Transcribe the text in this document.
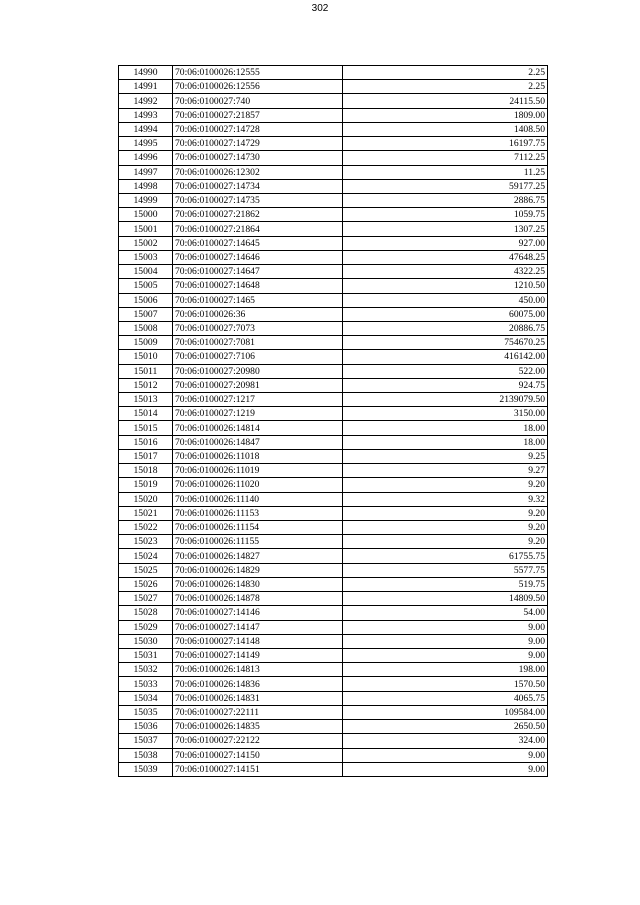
302
14990	70:06:0100026:12555	2.25
14991	70:06:0100026:12556	2.25
14992	70:06:0100027:740	24115.50
14993	70:06:0100027:21857	1809.00
14994	70:06:0100027:14728	1408.50
14995	70:06:0100027:14729	16197.75
14996	70:06:0100027:14730	7112.25
14997	70:06:0100026:12302	11.25
14998	70:06:0100027:14734	59177.25
14999	70:06:0100027:14735	2886.75
15000	70:06:0100027:21862	1059.75
15001	70:06:0100027:21864	1307.25
15002	70:06:0100027:14645	927.00
15003	70:06:0100027:14646	47648.25
15004	70:06:0100027:14647	4322.25
15005	70:06:0100027:14648	1210.50
15006	70:06:0100027:1465	450.00
15007	70:06:0100026:36	60075.00
15008	70:06:0100027:7073	20886.75
15009	70:06:0100027:7081	754670.25
15010	70:06:0100027:7106	416142.00
15011	70:06:0100027:20980	522.00
15012	70:06:0100027:20981	924.75
15013	70:06:0100027:1217	2139079.50
15014	70:06:0100027:1219	3150.00
15015	70:06:0100026:14814	18.00
15016	70:06:0100026:14847	18.00
15017	70:06:0100026:11018	9.25
15018	70:06:0100026:11019	9.27
15019	70:06:0100026:11020	9.20
15020	70:06:0100026:11140	9.32
15021	70:06:0100026:11153	9.20
15022	70:06:0100026:11154	9.20
15023	70:06:0100026:11155	9.20
15024	70:06:0100026:14827	61755.75
15025	70:06:0100026:14829	5577.75
15026	70:06:0100026:14830	519.75
15027	70:06:0100026:14878	14809.50
15028	70:06:0100027:14146	54.00
15029	70:06:0100027:14147	9.00
15030	70:06:0100027:14148	9.00
15031	70:06:0100027:14149	9.00
15032	70:06:0100026:14813	198.00
15033	70:06:0100026:14836	1570.50
15034	70:06:0100026:14831	4065.75
15035	70:06:0100027:22111	109584.00
15036	70:06:0100026:14835	2650.50
15037	70:06:0100027:22122	324.00
15038	70:06:0100027:14150	9.00
15039	70:06:0100027:14151	9.00
